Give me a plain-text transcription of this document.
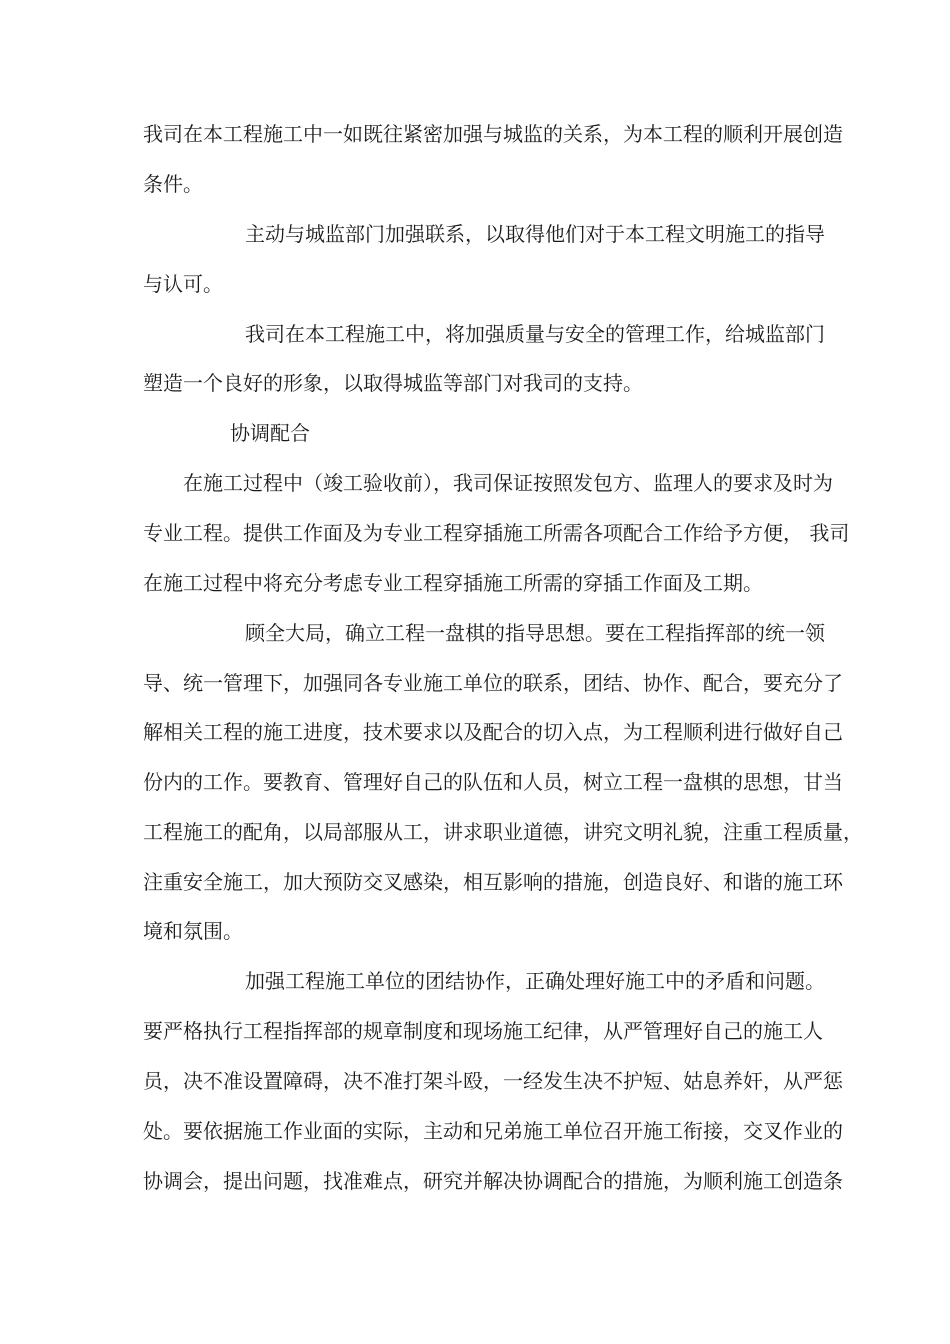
我司在本工程施工中一如既往紧密加强与城监的关系，为本工程的顺利开展创造
条件。
主动与城监部门加强联系，以取得他们对于本工程文明施工的指导
与认可。
我司在本工程施工中，将加强质量与安全的管理工作，给城监部门
塑造一个良好的形象，以取得城监等部门对我司的支持。
协调配合
在施工过程中（竣工验收前），我司保证按照发包方、监理人的要求及时为
专业工程。提供工作面及为专业工程穿插施工所需各项配合工作给予方便， 我司
在施工过程中将充分考虑专业工程穿插施工所需的穿插工作面及工期。
顾全大局，确立工程一盘棋的指导思想。要在工程指挥部的统一领
导、统一管理下，加强同各专业施工单位的联系，团结、协作、配合，要充分了
解相关工程的施工进度，技术要求以及配合的切入点，为工程顺利进行做好自己
份内的工作。要教育、管理好自己的队伍和人员，树立工程一盘棋的思想，甘当
工程施工的配角，以局部服从工，讲求职业道德，讲究文明礼貌，注重工程质量，
注重安全施工，加大预防交叉感染，相互影响的措施，创造良好、和谐的施工环
境和氛围。
加强工程施工单位的团结协作，正确处理好施工中的矛盾和问题。
要严格执行工程指挥部的规章制度和现场施工纪律，从严管理好自己的施工人
员，决不准设置障碍，决不准打架斗殴，一经发生决不护短、姑息养奸，从严惩
处。要依据施工作业面的实际，主动和兄弟施工单位召开施工衔接，交叉作业的
协调会，提出问题，找准难点，研究并解决协调配合的措施，为顺利施工创造条
